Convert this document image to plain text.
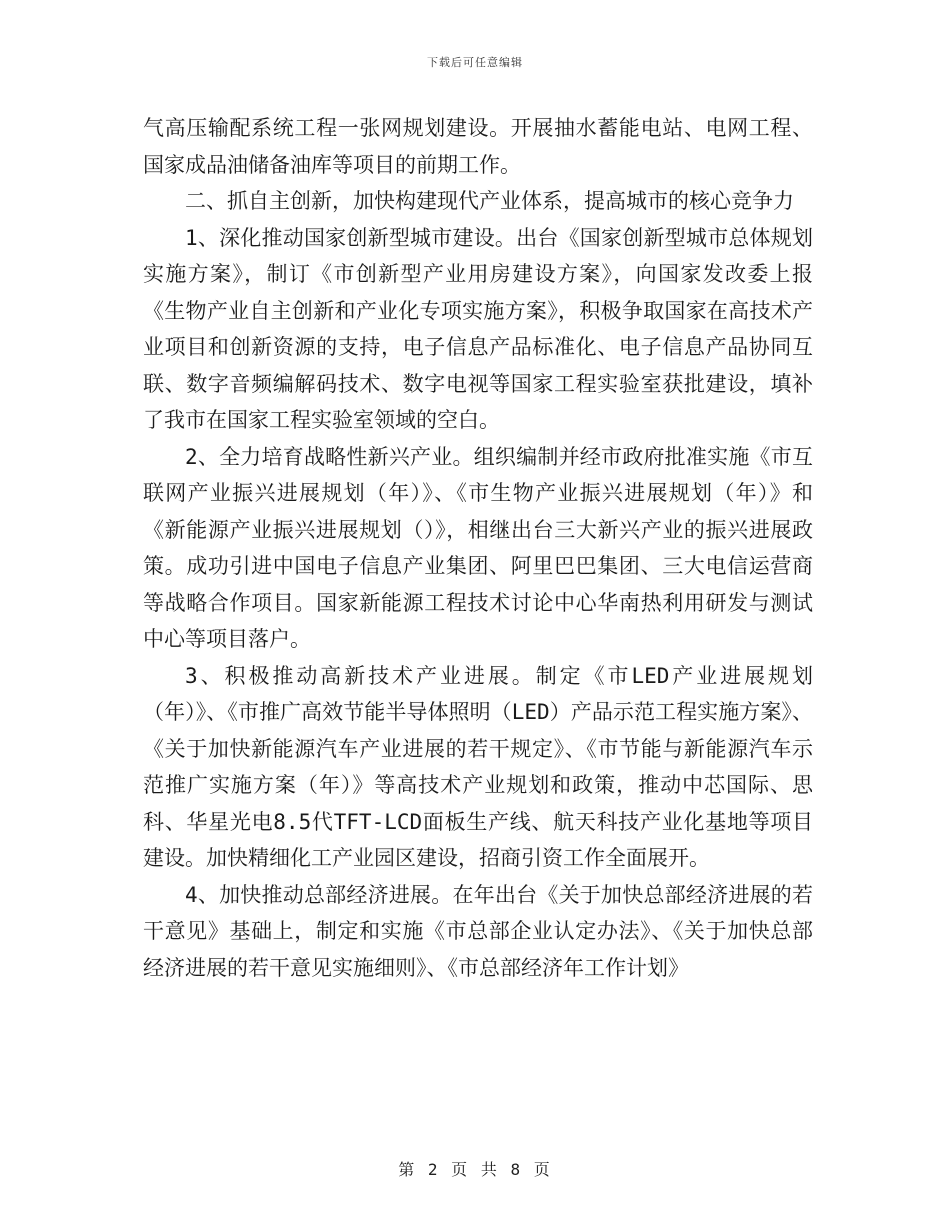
下载后可任意编辑

气高压输配系统工程一张网规划建设。开展抽水蓄能电站、电网工程、国家成品油储备油库等项目的前期工作。

二、抓自主创新，加快构建现代产业体系，提高城市的核心竞争力

1、深化推动国家创新型城市建设。出台《国家创新型城市总体规划实施方案》，制订《市创新型产业用房建设方案》，向国家发改委上报《生物产业自主创新和产业化专项实施方案》，积极争取国家在高技术产业项目和创新资源的支持，电子信息产品标准化、电子信息产品协同互联、数字音频编解码技术、数字电视等国家工程实验室获批建设，填补了我市在国家工程实验室领域的空白。

2、全力培育战略性新兴产业。组织编制并经市政府批准实施《市互联网产业振兴进展规划（年）》、《市生物产业振兴进展规划（年）》和《新能源产业振兴进展规划（）》，相继出台三大新兴产业的振兴进展政策。成功引进中国电子信息产业集团、阿里巴巴集团、三大电信运营商等战略合作项目。国家新能源工程技术讨论中心华南热利用研发与测试中心等项目落户。

3、积极推动高新技术产业进展。制定《市LED产业进展规划（年）》、《市推广高效节能半导体照明（LED）产品示范工程实施方案》、《关于加快新能源汽车产业进展的若干规定》、《市节能与新能源汽车示范推广实施方案（年）》等高技术产业规划和政策，推动中芯国际、思科、华星光电8.5代TFT-LCD面板生产线、航天科技产业化基地等项目建设。加快精细化工产业园区建设，招商引资工作全面展开。

4、加快推动总部经济进展。在年出台《关于加快总部经济进展的若干意见》基础上，制定和实施《市总部企业认定办法》、《关于加快总部经济进展的若干意见实施细则》、《市总部经济年工作计划》

第 2 页 共 8 页
